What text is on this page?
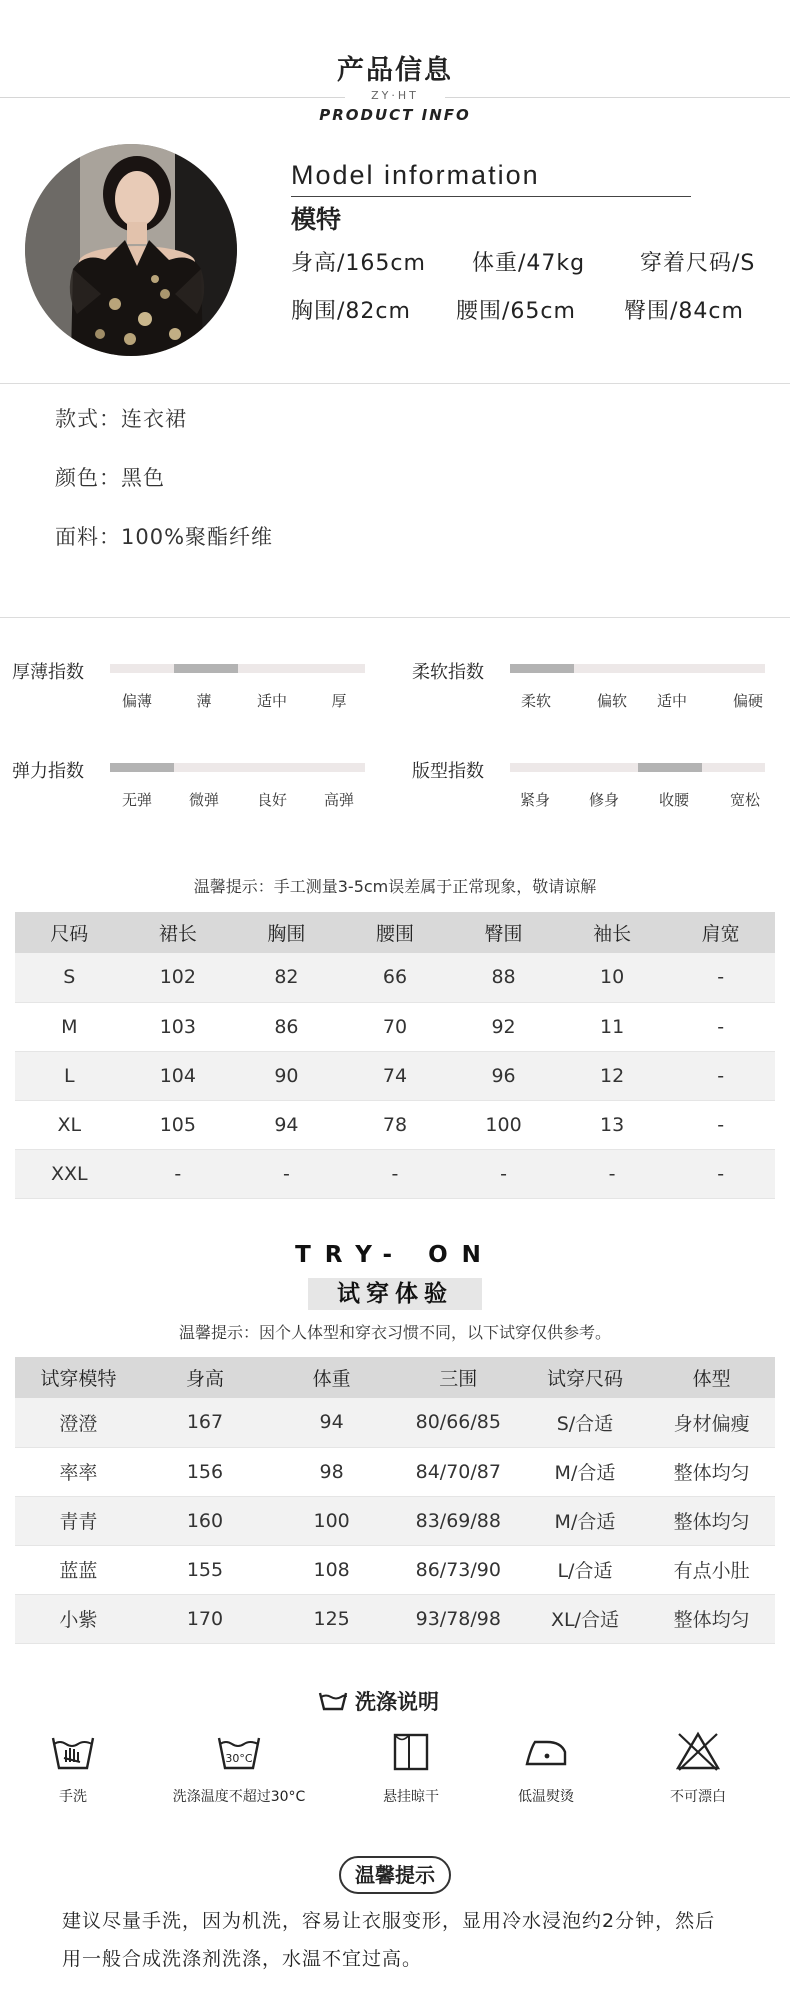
产品信息
ZY·HT
PRODUCT INFO
Model information
模特
身高/165cm 体重/47kg 穿着尺码/S
胸围/82cm 腰围/65cm 臀围/84cm
款式：连衣裙
颜色：黑色
面料：100%聚酯纤维
厚薄指数
偏薄	薄	适中	厚
柔软指数
柔软	偏软	适中	偏硬
弹力指数
无弹	微弹	良好	高弹
版型指数
紧身	修身	收腰	宽松
温馨提示：手工测量3-5cm误差属于正常现象，敬请谅解
尺码	裙长	胸围	腰围	臀围	袖长	肩宽
S	102	82	66	88	10	-
M	103	86	70	92	11	-
L	104	90	74	96	12	-
XL	105	94	78	100	13	-
XXL	-	-	-	-	-	-
TRY- ON
试穿体验
温馨提示：因个人体型和穿衣习惯不同，以下试穿仅供参考。
试穿模特	身高	体重	三围	试穿尺码	体型
澄澄	167	94	80/66/85	S/合适	身材偏瘦
率率	156	98	84/70/87	M/合适	整体均匀
青青	160	100	83/69/88	M/合适	整体均匀
蓝蓝	155	108	86/73/90	L/合适	有点小肚
小紫	170	125	93/78/98	XL/合适	整体均匀
洗涤说明
手洗
30°C
洗涤温度不超过30°C	悬挂晾干	低温熨烫	不可漂白
温馨提示
建议尽量手洗，因为机洗，容易让衣服变形，显用冷水浸泡约2分钟，然后
用一般合成洗涤剂洗涤，水温不宜过高。
